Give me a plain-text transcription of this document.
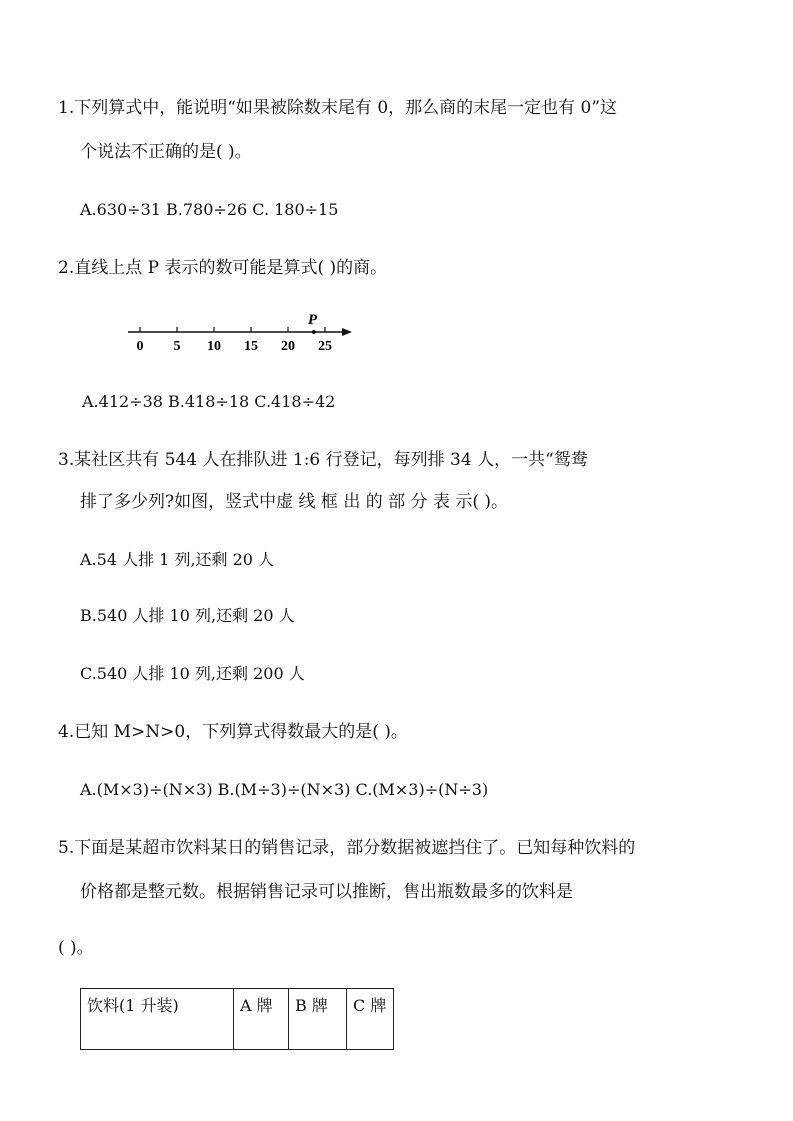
1.下列算式中，能说明“如果被除数末尾有 0，那么商的末尾一定也有 0”这
个说法不正确的是( )。
A.630÷31 B.780÷26 C. 180÷15
2.直线上点 P 表示的数可能是算式( )的商。
0 5 10 15 20 25
P
A.412÷38 B.418÷18 C.418÷42
3.某社区共有 544 人在排队进 1:6 行登记，每列排 34 人，一共“鸳鸯
排了多少列?如图，竖式中虚 线 框 出 的 部 分 表 示( )。
A.54 人排 1 列,还剩 20 人
B.540 人排 10 列,还剩 20 人
C.540 人排 10 列,还剩 200 人
4.已知 M>N>0，下列算式得数最大的是( )。
A.(M×3)÷(N×3) B.(M÷3)÷(N×3) C.(M×3)÷(N÷3)
5.下面是某超市饮料某日的销售记录，部分数据被遮挡住了。已知每种饮料的
价格都是整元数。根据销售记录可以推断，售出瓶数最多的饮料是
( )。
饮料(1 升装)	A 牌	B 牌	C 牌
